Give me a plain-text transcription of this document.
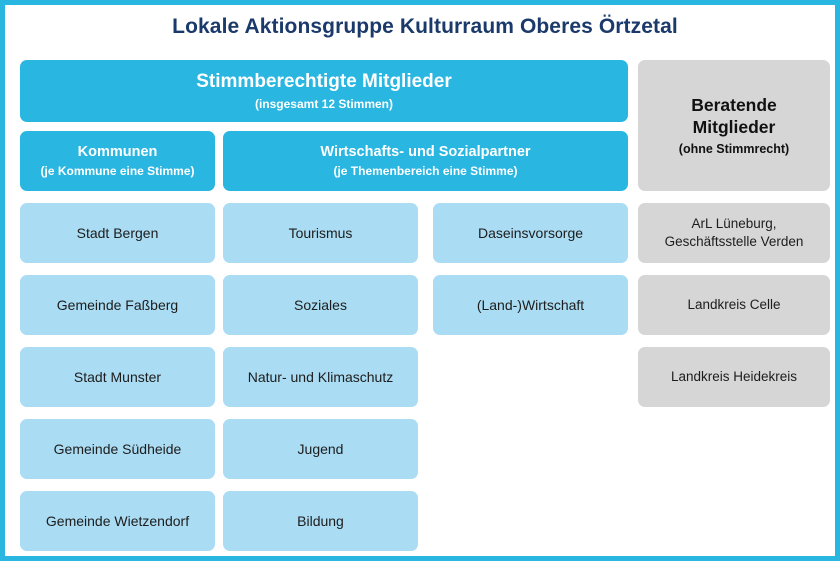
Lokale Aktionsgruppe Kulturraum Oberes Örtzetal
Stimmberechtigte Mitglieder
(insgesamt 12 Stimmen)
Kommunen
(je Kommune eine Stimme)
Wirtschafts- und Sozialpartner
(je Themenbereich eine Stimme)
Stadt Bergen
Gemeinde Faßberg
Stadt Munster
Gemeinde Südheide
Gemeinde Wietzendorf
Tourismus
Soziales
Natur- und Klimaschutz
Jugend
Bildung
Daseinsvorsorge
(Land-)Wirtschaft
Beratende
Mitglieder
(ohne Stimmrecht)
ArL Lüneburg,
Geschäftsstelle Verden
Landkreis Celle
Landkreis Heidekreis
